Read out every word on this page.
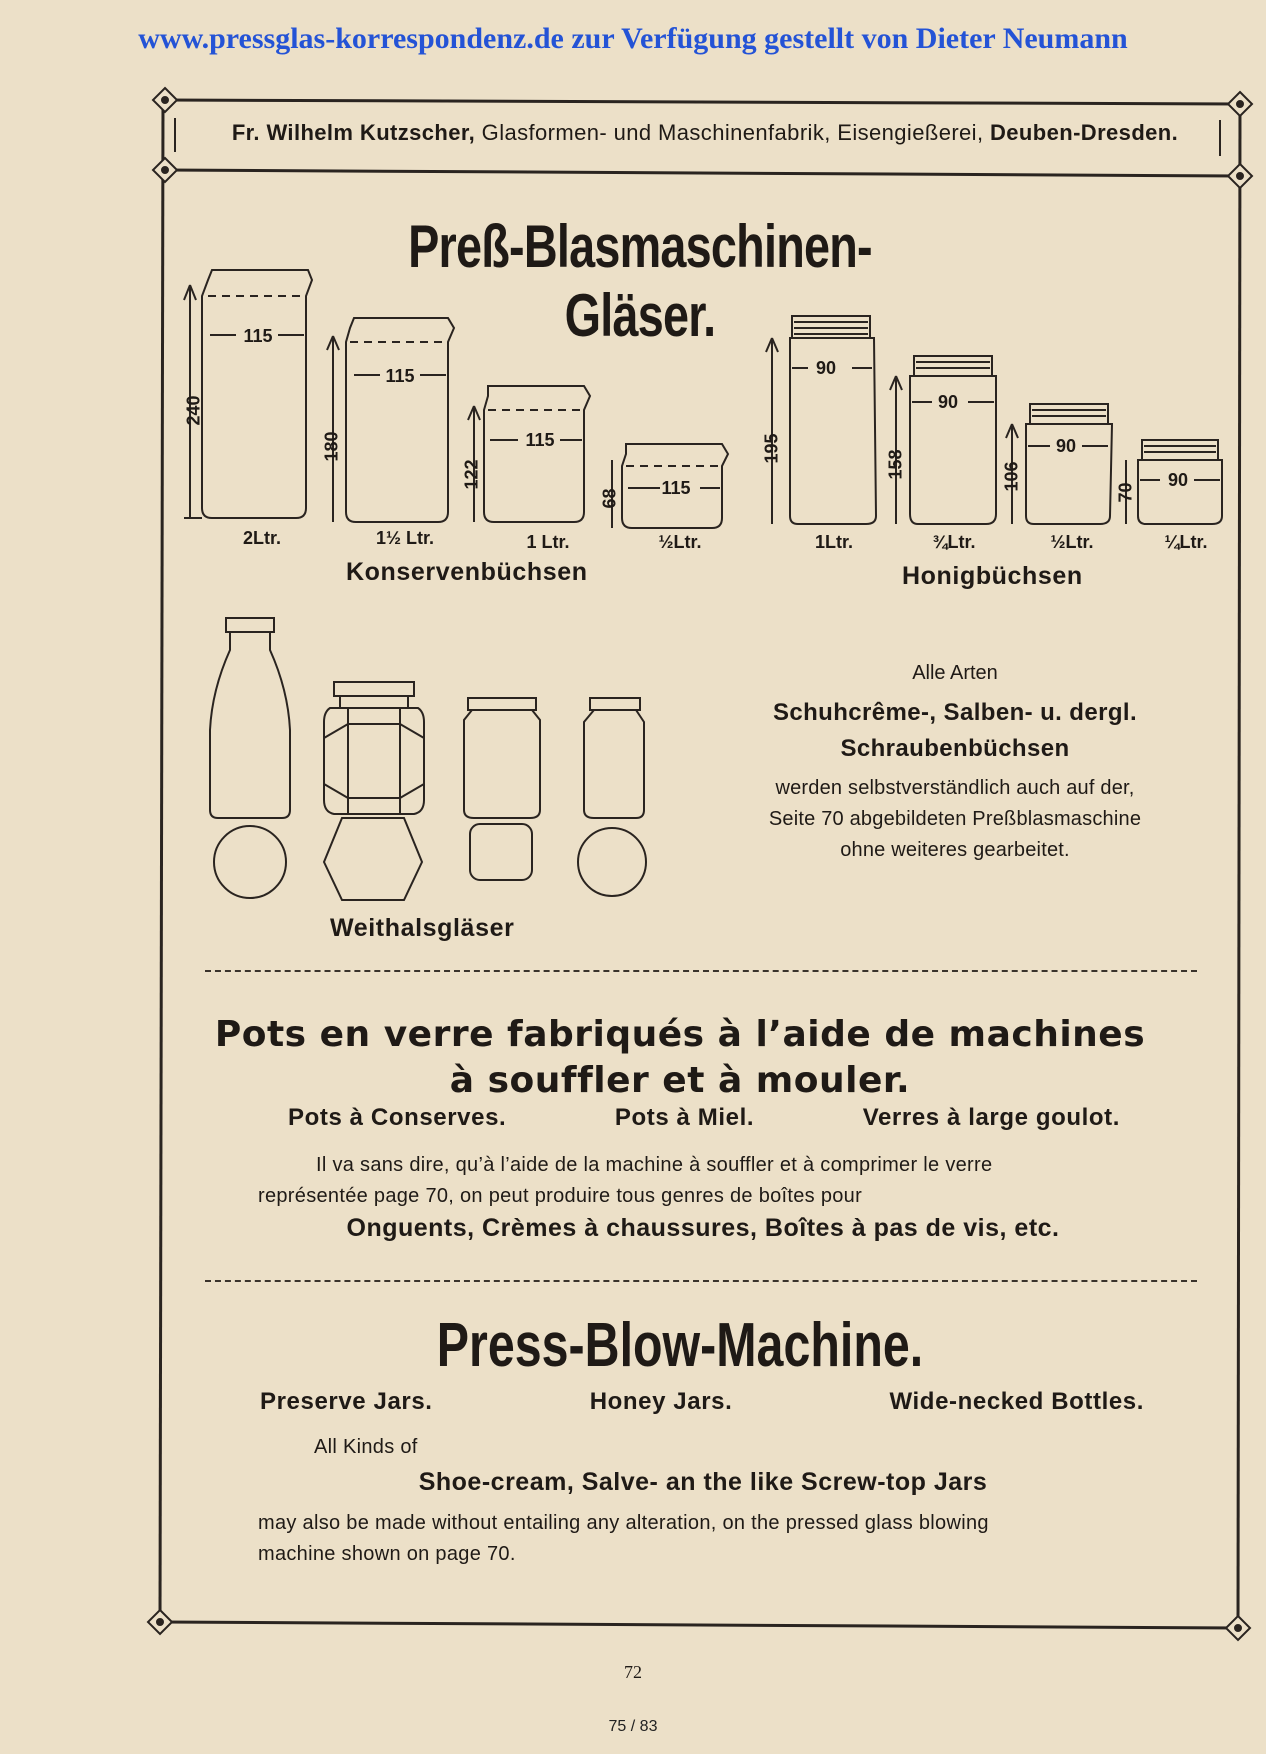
www.pressglas-korrespondenz.de zur Verfügung gestellt von Dieter Neumann
Fr. Wilhelm Kutzscher, Glasformen- und Maschinenfabrik, Eisengießerei, Deuben-Dresden.
Preß-Blasmaschinen-Gläser.
115
240
2Ltr.
115
180
1½ Ltr.
115
122
1 Ltr.
115
68
½Ltr.
Konservenbüchsen
90
195
1Ltr.
90
158
¾Ltr.
90
106
½Ltr.
90
70
¼Ltr.
Honigbüchsen
Weithalsgläser
Alle Arten
Schuhcrême-, Salben- u. dergl.
Schraubenbüchsen
werden selbstverständlich auch auf der,
Seite 70 abgebildeten Preßblasmaschine
ohne weiteres gearbeitet.
Pots en verre fabriqués à l’aide de machines
à souffler et à mouler.
Pots à Conserves.	Pots à Miel.	Verres à large goulot.
Il va sans dire, qu’à l’aide de la machine à souffler et à comprimer le verre
représentée page 70, on peut produire tous genres de boîtes pour
Onguents, Crèmes à chaussures, Boîtes à pas de vis, etc.
Press-Blow-Machine.
Preserve Jars.	Honey Jars.	Wide-necked Bottles.
All Kinds of
Shoe-cream, Salve- an the like Screw-top Jars
may also be made without entailing any alteration, on the pressed glass blowing
machine shown on page 70.
72
75 / 83
